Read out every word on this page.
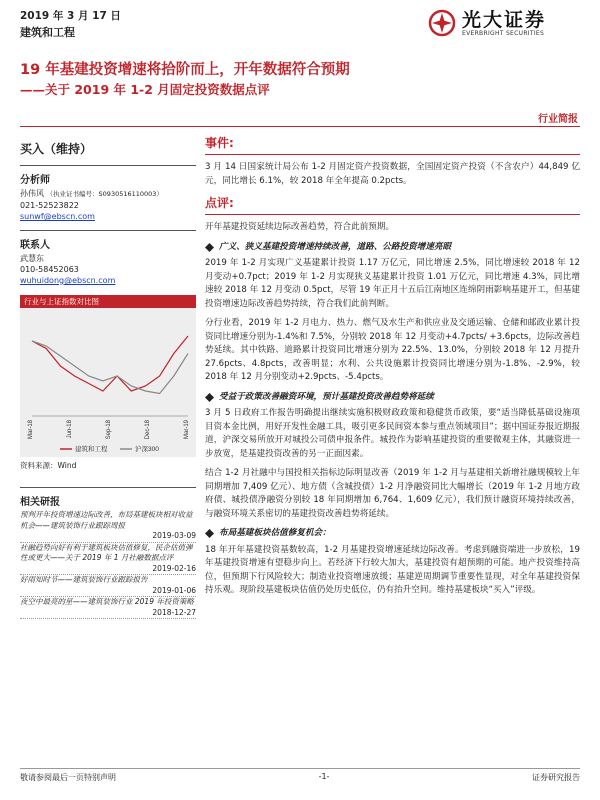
2019 年 3 月 17 日
建筑和工程
光大证券
EVERBRIGHT SECURITIES
19 年基建投资增速将拾阶而上，开年数据符合预期
——关于 2019 年 1-2 月固定投资数据点评
行业简报
买入（维持）
分析师
孙伟风 （执业证书编号：S0930516110003）
021-52523822
sunwf@ebscn.com
联系人
武慧东
010-58452063
wuhuidong@ebscn.com
行业与上证指数对比图
Mar-18	Jun-18	Sep-18	Dec-18	Mar-19
建筑和工程	沪深300
资料来源：Wind
相关研报
预判开年投资增速边际改善，布局基建板块相对收益机会——建筑装饰行业跟踪周报
2019-03-09
社融趋势向好有利于建筑板块估值修复，民企估值弹性或更大——关于 2019 年 1 月社融数据点评
2019-02-16
好雨知时节——建筑装饰行业跟踪报告
2019-01-06
夜空中最亮的星——建筑装饰行业 2019 年投资策略
2018-12-27
事件:
3 月 14 日国家统计局公布 1-2 月固定资产投资数据，全国固定资产投资（不含农户）44,849 亿元，同比增长 6.1%，较 2018 年全年提高 0.2pcts。
点评:
开年基建投资延续边际改善趋势，符合此前预期。
广义、狭义基建投资增速持续改善，道路、公路投资增速亮眼
2019 年 1-2 月实现广义基建累计投资 1.17 万亿元，同比增速 2.5%，同比增速较 2018 年 12 月变动+0.7pct；2019 年 1-2 月实现狭义基建累计投资 1.01 万亿元，同比增速 4.3%，同比增速较 2018 年 12 月变动 0.5pct，尽管 19 年正月十五后江南地区连绵阴雨影响基建开工，但基建投资增速边际改善趋势持续，符合我们此前判断。
分行业看，2019 年 1-2 月电力、热力、燃气及水生产和供应业及交通运输、仓储和邮政业累计投资同比增速分别为-1.4%和 7.5%，分别较 2018 年 12 月变动+4.7pcts/ +3.6pcts，边际改善趋势延续。其中铁路、道路累计投资同比增速分别为 22.5%、13.0%，分别较 2018 年 12 月提升 27.6pcts、4.8pcts，改善明显；水利、公共设施累计投资同比增速分别为-1.8%、-2.9%，较 2018 年 12 月分别变动+2.9pcts、-5.4pcts。
受益于政策改善融资环境，预计基建投资改善趋势将延续
3 月 5 日政府工作报告明确提出继续实施积极财政政策和稳健货币政策，要“适当降低基础设施项目资本金比例，用好开发性金融工具，吸引更多民间资本参与重点领域项目”；据中国证券报近期报道，沪深交易所放开对城投公司债申报条件。城投作为影响基建投资的重要微观主体，其融资进一步放宽，是基建投资改善的另一正面因素。
结合 1-2 月社融中与国投相关指标边际明显改善（2019 年 1-2 月与基建相关新增社融规模较上年同期增加 7,409 亿元）、地方债（含城投债）1-2 月净融资同比大幅增长（2019 年 1-2 月地方政府债、城投债净融资分别较 18 年同期增加 6,764、1,609 亿元），我们预计融资环境持续改善，与融资环境关系密切的基建投资改善趋势将延续。
布局基建板块估值修复机会：
18 年开年基建投资基数较高，1-2 月基建投资增速延续边际改善。考虑到融资端进一步放松，19 年基建投资增速有望稳步向上。若经济下行较大加大，基建投资有超预期的可能。地产投资维持高位，但预期下行风险较大；制造业投资增速放缓；基建逆周期调节重要性显现，对全年基建投资保持乐观。现阶段基建板块估值仍处历史低位，仍有抬升空间。维持基建板块“买入”评级。
敬请参阅最后一页特别声明	-1-	证券研究报告
